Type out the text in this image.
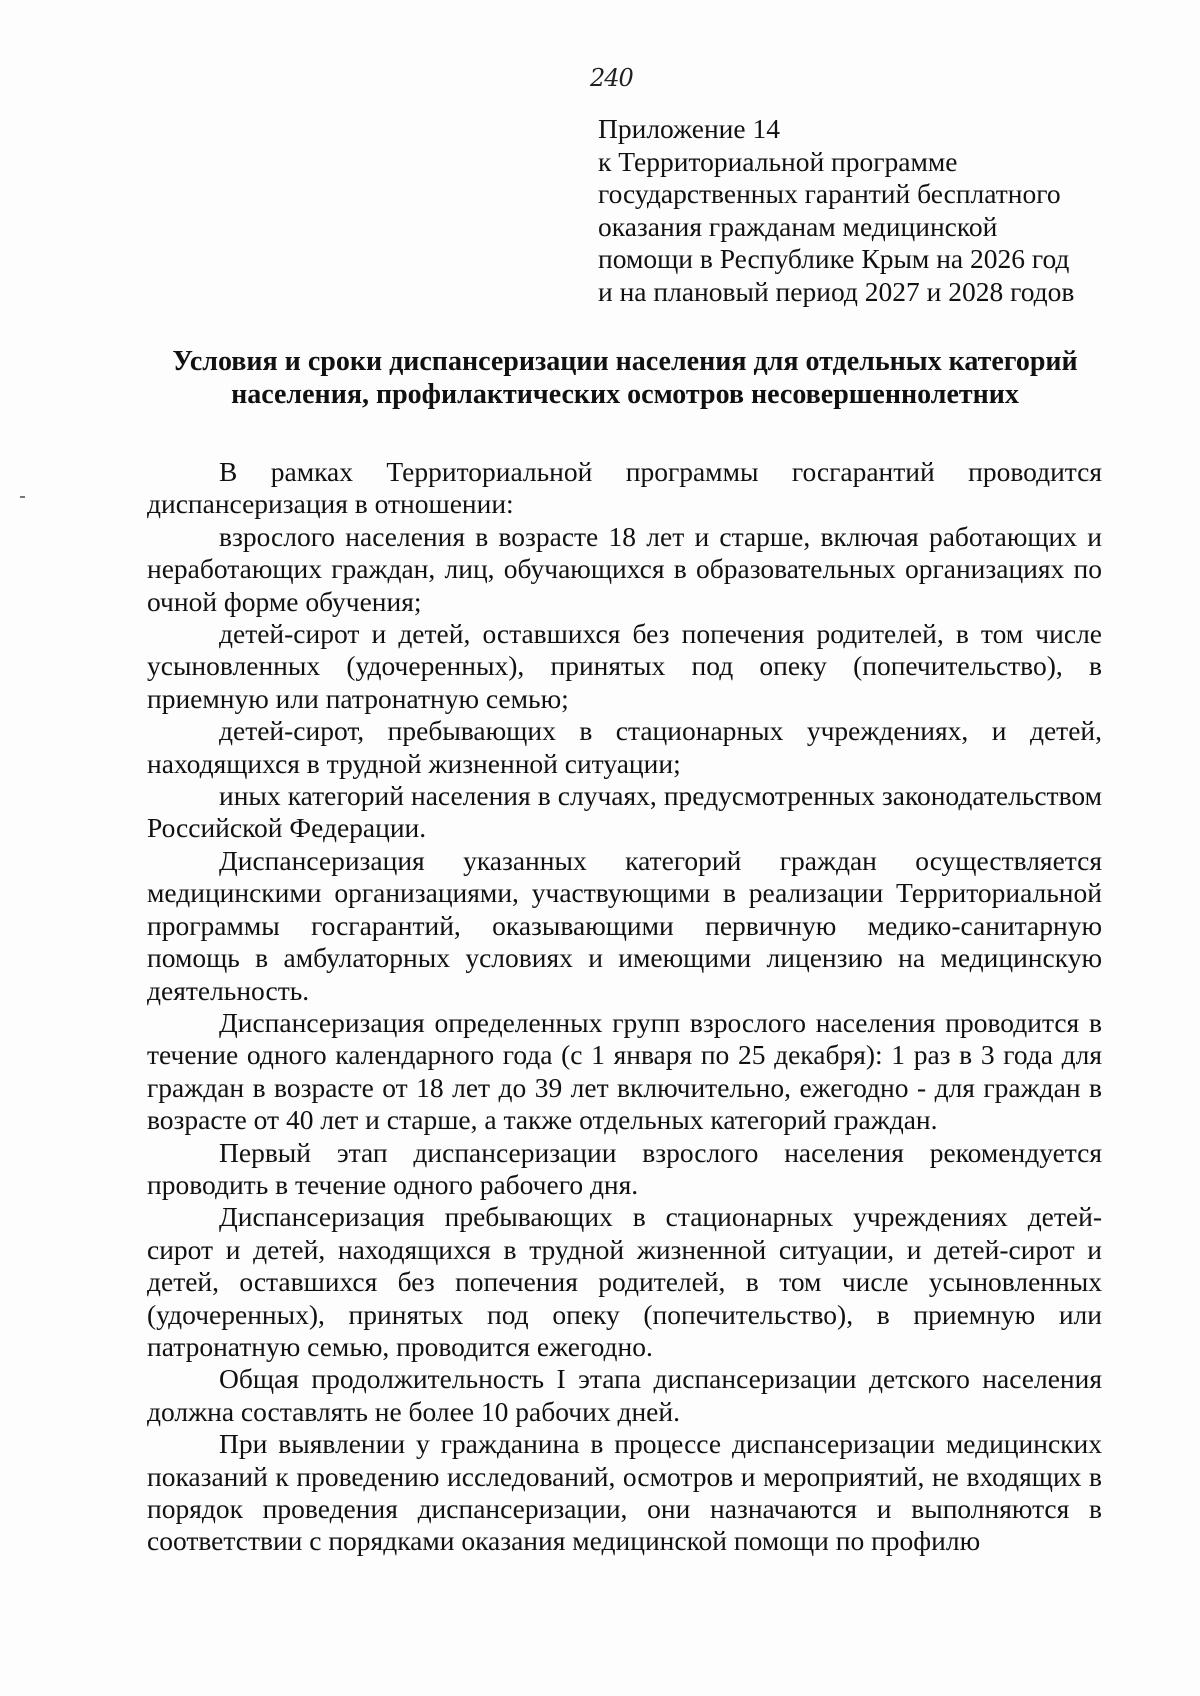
240
Приложение 14
к Территориальной программе
государственных гарантий бесплатного
оказания гражданам медицинской
помощи в Республике Крым на 2026 год
и на плановый период 2027 и 2028 годов
Условия и сроки диспансеризации населения для отдельных категорий
населения, профилактических осмотров несовершеннолетних

В рамках Территориальной программы госгарантий проводится диспансеризация в отношении:

взрослого населения в возрасте 18 лет и старше, включая работающих и неработающих граждан, лиц, обучающихся в образовательных организациях по очной форме обучения;

детей-сирот и детей, оставшихся без попечения родителей, в том числе усыновленных (удочеренных), принятых под опеку (попечительство), в приемную или патронатную семью;

детей-сирот, пребывающих в стационарных учреждениях, и детей, находящихся в трудной жизненной ситуации;

иных категорий населения в случаях, предусмотренных законодательством Российской Федерации.

Диспансеризация указанных категорий граждан осуществляется медицинскими организациями, участвующими в реализации Территориальной программы госгарантий, оказывающими первичную медико-санитарную помощь в амбулаторных условиях и имеющими лицензию на медицинскую деятельность.

Диспансеризация определенных групп взрослого населения проводится в течение одного календарного года (с 1 января по 25 декабря): 1 раз в 3 года для граждан в возрасте от 18 лет до 39 лет включительно, ежегодно - для граждан в возрасте от 40 лет и старше, а также отдельных категорий граждан.

Первый этап диспансеризации взрослого населения рекомендуется проводить в течение одного рабочего дня.

Диспансеризация пребывающих в стационарных учреждениях детей-сирот и детей, находящихся в трудной жизненной ситуации, и детей-сирот и детей, оставшихся без попечения родителей, в том числе усыновленных (удочеренных), принятых под опеку (попечительство), в приемную или патронатную семью, проводится ежегодно.

Общая продолжительность I этапа диспансеризации детского населения должна составлять не более 10 рабочих дней.

При выявлении у гражданина в процессе диспансеризации медицинских показаний к проведению исследований, осмотров и мероприятий, не входящих в порядок проведения диспансеризации, они назначаются и выполняются в соответствии с порядками оказания медицинской помощи по профилю
